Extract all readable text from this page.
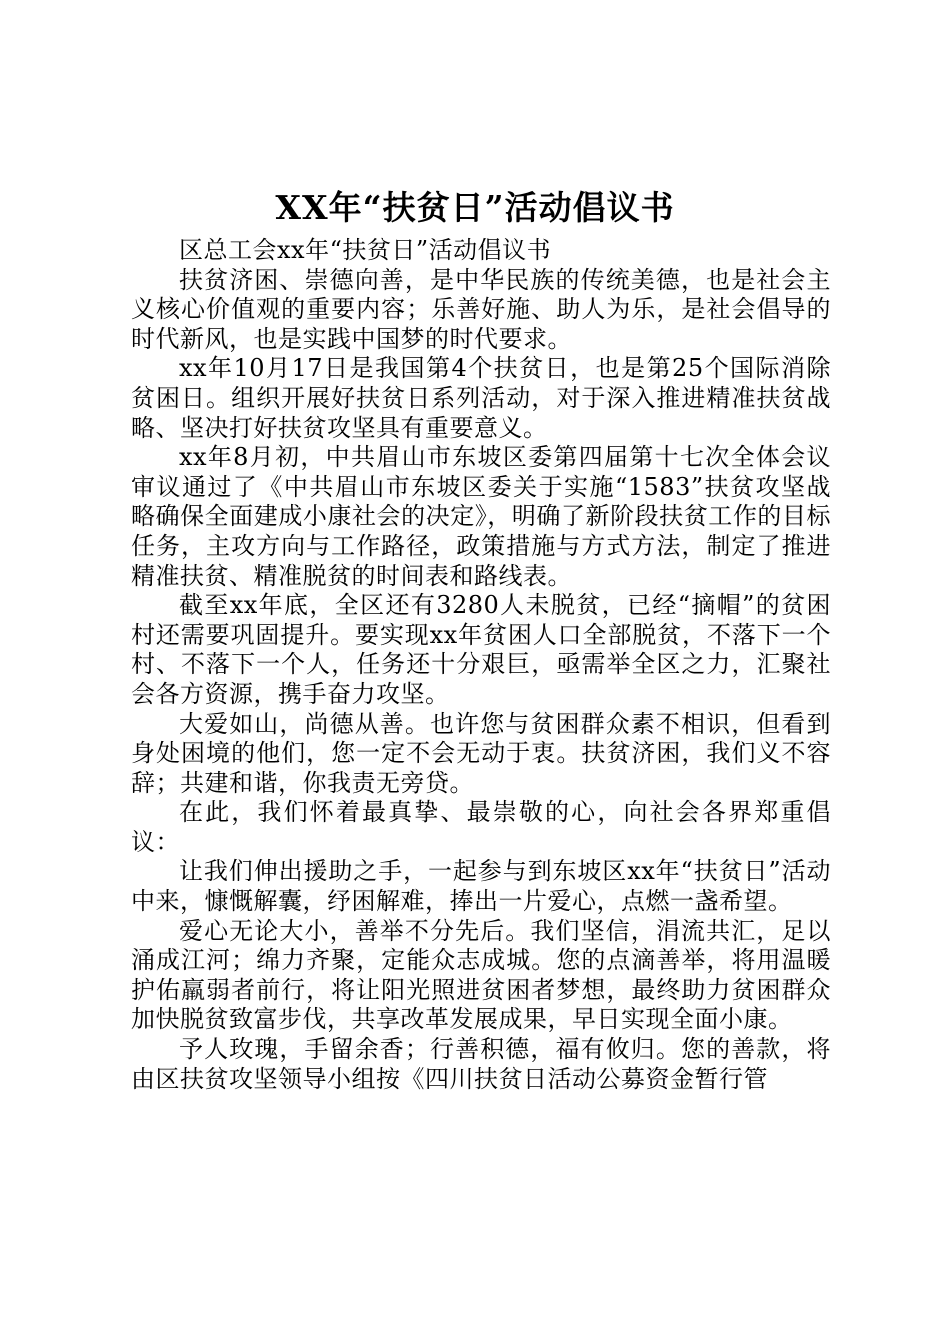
XX年“扶贫日”活动倡议书

区总工会xx年“扶贫日”活动倡议书

扶贫济困、崇德向善，是中华民族的传统美德，也是社会主义核心价值观的重要内容；乐善好施、助人为乐，是社会倡导的时代新风，也是实践中国梦的时代要求。

xx年10月17日是我国第4个扶贫日，也是第25个国际消除贫困日。组织开展好扶贫日系列活动，对于深入推进精准扶贫战略、坚决打好扶贫攻坚具有重要意义。

xx年8月初，中共眉山市东坡区委第四届第十七次全体会议审议通过了《中共眉山市东坡区委关于实施“1583”扶贫攻坚战略确保全面建成小康社会的决定》，明确了新阶段扶贫工作的目标任务，主攻方向与工作路径，政策措施与方式方法，制定了推进精准扶贫、精准脱贫的时间表和路线表。

截至xx年底，全区还有3280人未脱贫，已经“摘帽”的贫困村还需要巩固提升。要实现xx年贫困人口全部脱贫，不落下一个村、不落下一个人，任务还十分艰巨，亟需举全区之力，汇聚社会各方资源，携手奋力攻坚。

大爱如山，尚德从善。也许您与贫困群众素不相识，但看到身处困境的他们，您一定不会无动于衷。扶贫济困，我们义不容辞；共建和谐，你我责无旁贷。

在此，我们怀着最真挚、最崇敬的心，向社会各界郑重倡议：

让我们伸出援助之手，一起参与到东坡区xx年“扶贫日”活动中来，慷慨解囊，纾困解难，捧出一片爱心，点燃一盏希望。

爱心无论大小，善举不分先后。我们坚信，涓流共汇，足以涌成江河；绵力齐聚，定能众志成城。您的点滴善举，将用温暖护佑羸弱者前行，将让阳光照进贫困者梦想，最终助力贫困群众加快脱贫致富步伐，共享改革发展成果，早日实现全面小康。

予人玫瑰，手留余香；行善积德，福有攸归。您的善款，将由区扶贫攻坚领导小组按《四川扶贫日活动公募资金暂行管
